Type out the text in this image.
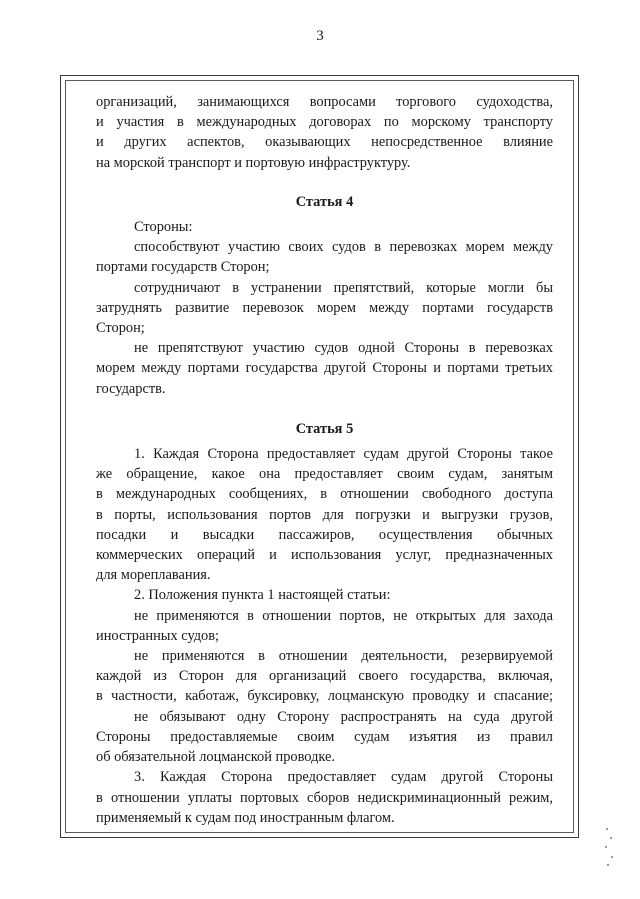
3
организаций, занимающихся вопросами торгового судоходства,
и участия в международных договорах по морскому транспорту
и других аспектов, оказывающих непосредственное влияние
на морской транспорт и портовую инфраструктуру.
Статья 4
Стороны:
способствуют участию своих судов в перевозках морем между
портами государств Сторон;
сотрудничают в устранении препятствий, которые могли бы
затруднять развитие перевозок морем между портами государств
Сторон;
не препятствуют участию судов одной Стороны в перевозках
морем между портами государства другой Стороны и портами третьих
государств.
Статья 5
1. Каждая Сторона предоставляет судам другой Стороны такое
же обращение, какое она предоставляет своим судам, занятым
в международных сообщениях, в отношении свободного доступа
в порты, использования портов для погрузки и выгрузки грузов,
посадки и высадки пассажиров, осуществления обычных
коммерческих операций и использования услуг, предназначенных
для мореплавания.
2. Положения пункта 1 настоящей статьи:
не применяются в отношении портов, не открытых для захода
иностранных судов;
не применяются в отношении деятельности, резервируемой
каждой из Сторон для организаций своего государства, включая,
в частности, каботаж, буксировку, лоцманскую проводку и спасание;
не обязывают одну Сторону распространять на суда другой
Стороны предоставляемые своим судам изъятия из правил
об обязательной лоцманской проводке.
3. Каждая Сторона предоставляет судам другой Стороны
в отношении уплаты портовых сборов недискриминационный режим,
применяемый к судам под иностранным флагом.
